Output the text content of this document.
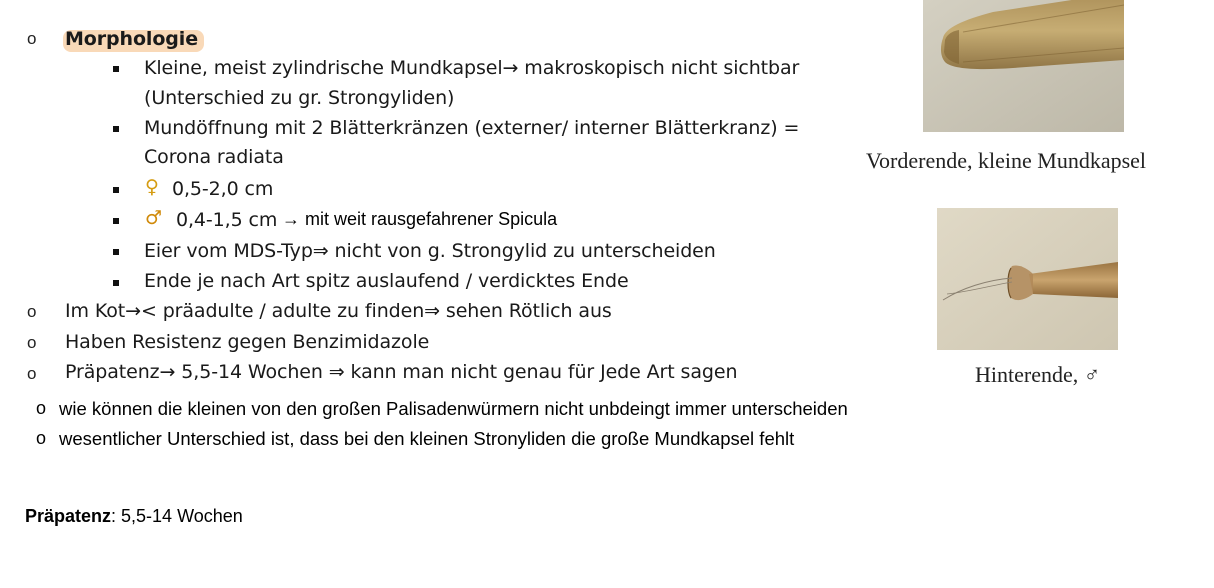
o Morphologie
Kleine, meist zylindrische Mundkapsel→ makroskopisch nicht sichtbar
(Unterschied zu gr. Strongyliden)
Mundöffnung mit 2 Blätterkränzen (externer/ interner Blätterkranz) =
Corona radiata
♀ 0,5-2,0 cm
♂ 0,4-1,5 cm → mit weit rausgefahrener Spicula
Eier vom MDS-Typ⇒ nicht von g. Strongylid zu unterscheiden
Ende je nach Art spitz auslaufend / verdicktes Ende
o Im Kot→< präadulte / adulte zu finden⇒ sehen Rötlich aus
o Haben Resistenz gegen Benzimidazole
o Präpatenz→ 5,5-14 Wochen ⇒ kann man nicht genau für Jede Art sagen
o wie können die kleinen von den großen Palisadenwürmern nicht unbdeingt immer unterscheiden
o wesentlicher Unterschied ist, dass bei den kleinen Stronyliden die große Mundkapsel fehlt
Präpatenz: 5,5-14 Wochen
Vorderende, kleine Mundkapsel
Hinterende, ♂
